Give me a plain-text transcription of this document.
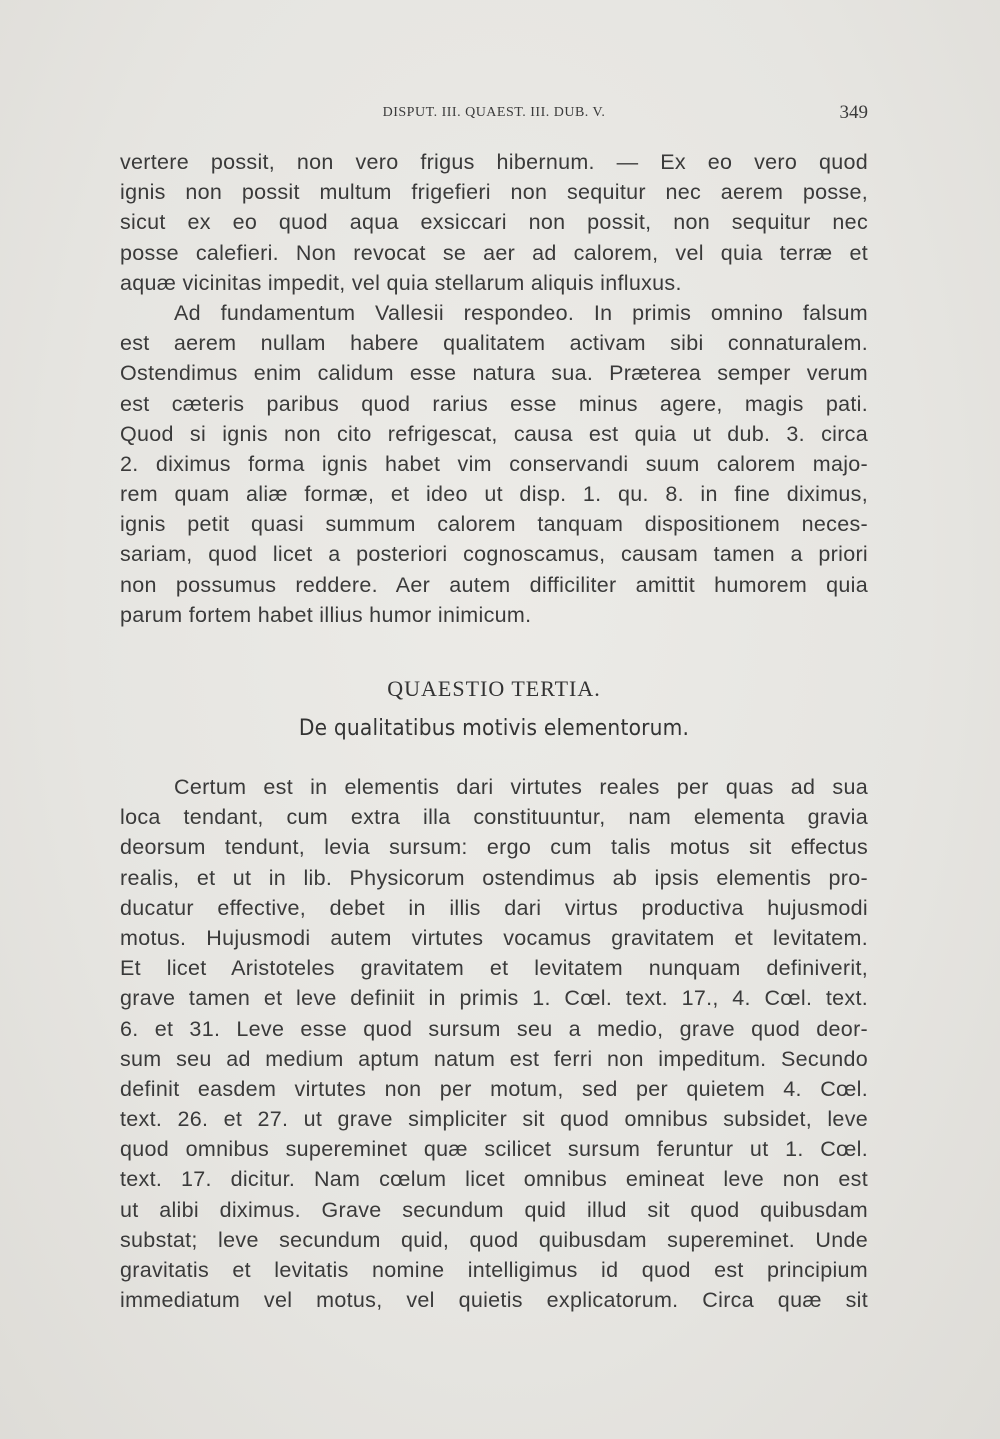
DISPUT. III. QUAEST. III. DUB. V.	349
vertere possit, non vero frigus hibernum. — Ex eo vero quod
ignis non possit multum frigefieri non sequitur nec aerem posse,
sicut ex eo quod aqua exsiccari non possit, non sequitur nec
posse calefieri. Non revocat se aer ad calorem, vel quia terræ et
aquæ vicinitas impedit, vel quia stellarum aliquis influxus.
Ad fundamentum Vallesii respondeo. In primis omnino falsum
est aerem nullam habere qualitatem activam sibi connaturalem.
Ostendimus enim calidum esse natura sua. Præterea semper verum
est cæteris paribus quod rarius esse minus agere, magis pati.
Quod si ignis non cito refrigescat, causa est quia ut dub. 3. circa
2. diximus forma ignis habet vim conservandi suum calorem majo-
rem quam aliæ formæ, et ideo ut disp. 1. qu. 8. in fine diximus,
ignis petit quasi summum calorem tanquam dispositionem neces-
sariam, quod licet a posteriori cognoscamus, causam tamen a priori
non possumus reddere. Aer autem difficiliter amittit humorem quia
parum fortem habet illius humor inimicum.
QUAESTIO TERTIA.
De qualitatibus motivis elementorum.
Certum est in elementis dari virtutes reales per quas ad sua
loca tendant, cum extra illa constituuntur, nam elementa gravia
deorsum tendunt, levia sursum: ergo cum talis motus sit effectus
realis, et ut in lib. Physicorum ostendimus ab ipsis elementis pro-
ducatur effective, debet in illis dari virtus productiva hujusmodi
motus. Hujusmodi autem virtutes vocamus gravitatem et levitatem.
Et licet Aristoteles gravitatem et levitatem nunquam definiverit,
grave tamen et leve definiit in primis 1. Cœl. text. 17., 4. Cœl. text.
6. et 31. Leve esse quod sursum seu a medio, grave quod deor-
sum seu ad medium aptum natum est ferri non impeditum. Secundo
definit easdem virtutes non per motum, sed per quietem 4. Cœl.
text. 26. et 27. ut grave simpliciter sit quod omnibus subsidet, leve
quod omnibus supereminet quæ scilicet sursum feruntur ut 1. Cœl.
text. 17. dicitur. Nam cœlum licet omnibus emineat leve non est
ut alibi diximus. Grave secundum quid illud sit quod quibusdam
substat; leve secundum quid, quod quibusdam supereminet. Unde
gravitatis et levitatis nomine intelligimus id quod est principium
immediatum vel motus, vel quietis explicatorum. Circa quæ sit
